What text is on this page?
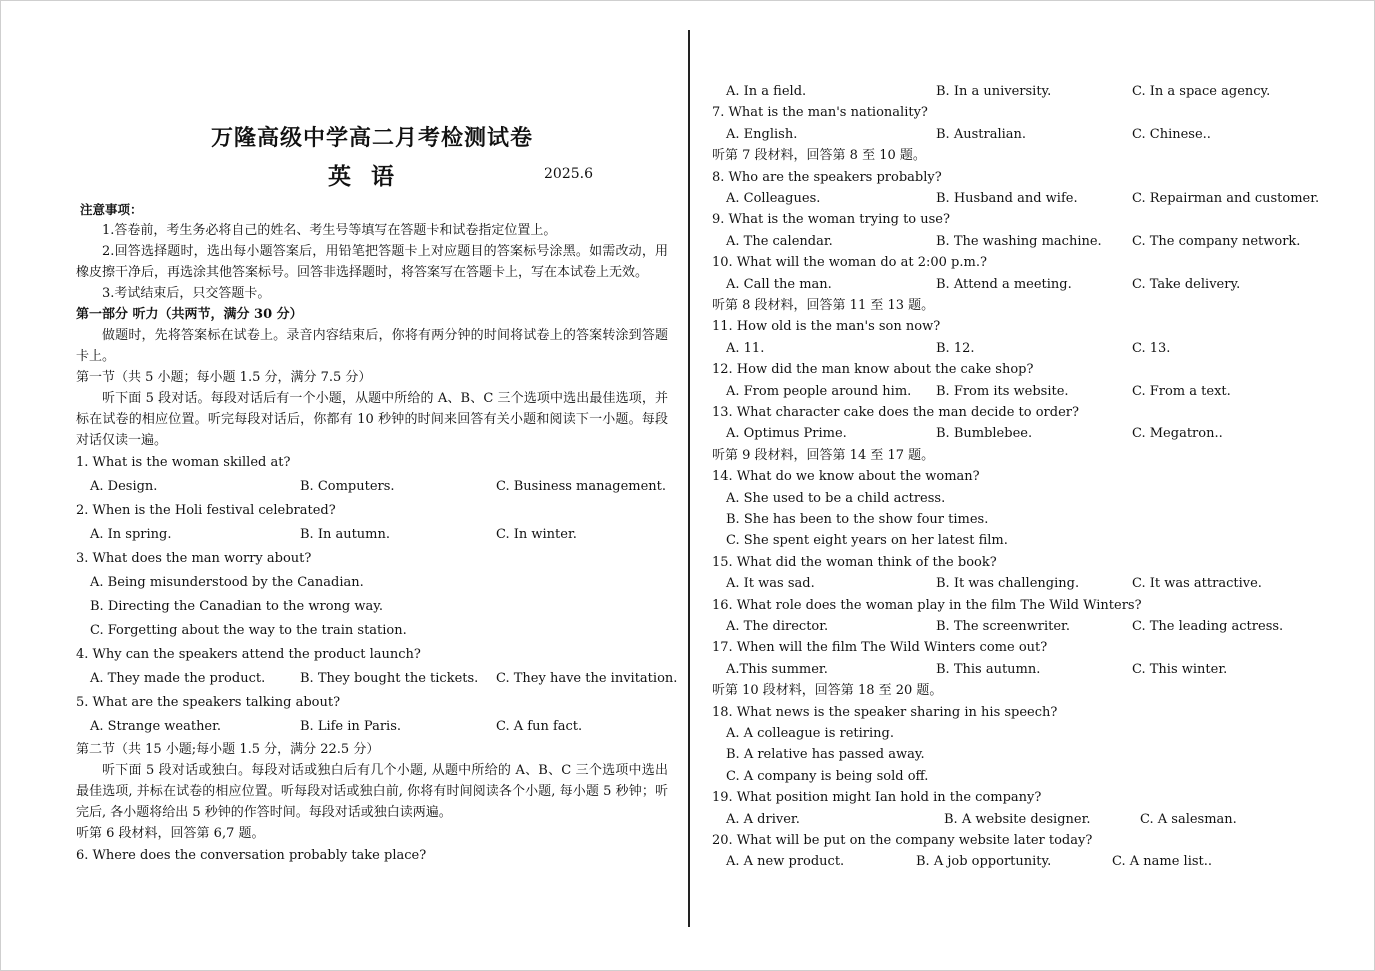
万隆高级中学高二月考检测试卷
英 语	2025.6
注意事项：
1.答卷前，考生务必将自己的姓名、考生号等填写在答题卡和试卷指定位置上。
2.回答选择题时，选出每小题答案后，用铅笔把答题卡上对应题目的答案标号涂黑。如需改动，用橡皮擦干净后，再选涂其他答案标号。回答非选择题时，将答案写在答题卡上，写在本试卷上无效。
3.考试结束后，只交答题卡。
第一部分 听力（共两节，满分 30 分）
做题时，先将答案标在试卷上。录音内容结束后，你将有两分钟的时间将试卷上的答案转涂到答题卡上。
第一节（共 5 小题；每小题 1.5 分，满分 7.5 分）
听下面 5 段对话。每段对话后有一个小题，从题中所给的 A、B、C 三个选项中选出最佳选项，并标在试卷的相应位置。听完每段对话后，你都有 10 秒钟的时间来回答有关小题和阅读下一小题。每段对话仅读一遍。
1. What is the woman skilled at?
A. Design.	B. Computers.	C. Business management.
2. When is the Holi festival celebrated?
A. In spring.	B. In autumn.	C. In winter.
3. What does the man worry about?
A. Being misunderstood by the Canadian.
B. Directing the Canadian to the wrong way.
C. Forgetting about the way to the train station.
4. Why can the speakers attend the product launch?
A. They made the product.	B. They bought the tickets. C. They have the invitation.
5. What are the speakers talking about?
A. Strange weather.	B. Life in Paris.	C. A fun fact.
第二节（共 15 小题;每小题 1.5 分，满分 22.5 分）
听下面 5 段对话或独白。每段对话或独白后有几个小题, 从题中所给的 A、B、C 三个选项中选出最佳选项, 并标在试卷的相应位置。听每段对话或独白前, 你将有时间阅读各个小题, 每小题 5 秒钟；听完后, 各小题将给出 5 秒钟的作答时间。每段对话或独白读两遍。
听第 6 段材料，回答第 6,7 题。
6. Where does the conversation probably take place?
A. In a field.	B. In a university.	C. In a space agency.
7. What is the man's nationality?
A. English.	B. Australian.	C. Chinese..
听第 7 段材料，回答第 8 至 10 题。
8. Who are the speakers probably?
A. Colleagues.	B. Husband and wife.	C. Repairman and customer.
9. What is the woman trying to use?
A. The calendar.	B. The washing machine. C. The company network.
10. What will the woman do at 2:00 p.m.?
A. Call the man.	B. Attend a meeting.	C. Take delivery.
听第 8 段材料，回答第 11 至 13 题。
11. How old is the man's son now?
A. 11.	B. 12.	C. 13.
12. How did the man know about the cake shop?
A. From people around him. B. From its website.	C. From a text.
13. What character cake does the man decide to order?
A. Optimus Prime.	B. Bumblebee.	C. Megatron..
听第 9 段材料，回答第 14 至 17 题。
14. What do we know about the woman?
A. She used to be a child actress.
B. She has been to the show four times.
C. She spent eight years on her latest film.
15. What did the woman think of the book?
A. It was sad.	B. It was challenging.	C. It was attractive.
16. What role does the woman play in the film The Wild Winters?
A. The director.	B. The screenwriter.	C. The leading actress.
17. When will the film The Wild Winters come out?
A.This summer.	B. This autumn.	C. This winter.
听第 10 段材料，回答第 18 至 20 题。
18. What news is the speaker sharing in his speech?
A. A colleague is retiring.
B. A relative has passed away.
C. A company is being sold off.
19. What position might Ian hold in the company?
A. A driver.	B. A website designer.	C. A salesman.
20. What will be put on the company website later today?
A. A new product.	B. A job opportunity.	C. A name list..
